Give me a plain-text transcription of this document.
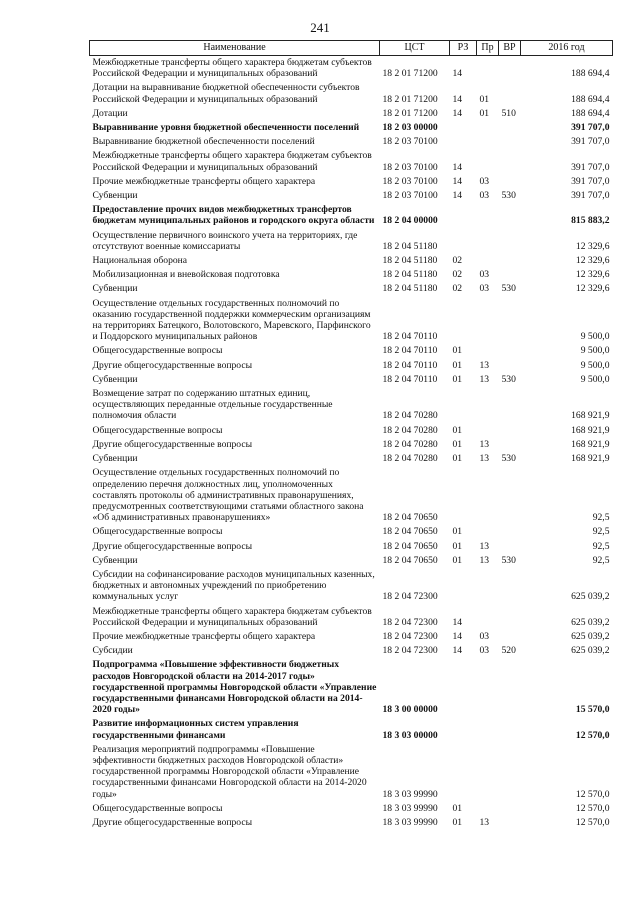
241
Наименование	ЦСТ	РЗ	Пр	ВР	2016 год
Межбюджетные трансферты общего характера бюджетам субъектов Российской Федерации и муниципальных образований	18 2 01 71200	14			188 694,4
Дотации на выравнивание бюджетной обеспеченности субъектов Российской Федерации и муниципальных образований	18 2 01 71200	14	01		188 694,4
Дотации	18 2 01 71200	14	01	510	188 694,4
Выравнивание уровня бюджетной обеспеченности поселений	18 2 03 00000				391 707,0
Выравнивание бюджетной обеспеченности поселений	18 2 03 70100				391 707,0
Межбюджетные трансферты общего характера бюджетам субъектов Российской Федерации и муниципальных образований	18 2 03 70100	14			391 707,0
Прочие межбюджетные трансферты общего характера	18 2 03 70100	14	03		391 707,0
Субвенции	18 2 03 70100	14	03	530	391 707,0
Предоставление прочих видов межбюджетных трансфертов бюджетам муниципальных районов и городского округа области	18 2 04 00000				815 883,2
Осуществление первичного воинского учета на территориях, где отсутствуют военные комиссариаты	18 2 04 51180				12 329,6
Национальная оборона	18 2 04 51180	02			12 329,6
Мобилизационная и вневойсковая подготовка	18 2 04 51180	02	03		12 329,6
Субвенции	18 2 04 51180	02	03	530	12 329,6
Осуществление отдельных государственных полномочий по оказанию государственной поддержки коммерческим организациям на территориях Батецкого, Волотовского, Маревского, Парфинского и Поддорского муниципальных районов	18 2 04 70110				9 500,0
Общегосударственные вопросы	18 2 04 70110	01			9 500,0
Другие общегосударственные вопросы	18 2 04 70110	01	13		9 500,0
Субвенции	18 2 04 70110	01	13	530	9 500,0
Возмещение затрат по содержанию штатных единиц, осуществляющих переданные отдельные государственные полномочия области	18 2 04 70280				168 921,9
Общегосударственные вопросы	18 2 04 70280	01			168 921,9
Другие общегосударственные вопросы	18 2 04 70280	01	13		168 921,9
Субвенции	18 2 04 70280	01	13	530	168 921,9
Осуществление отдельных государственных полномочий по определению перечня должностных лиц, уполномоченных составлять протоколы об административных правонарушениях, предусмотренных соответствующими статьями областного закона «Об административных правонарушениях»	18 2 04 70650				92,5
Общегосударственные вопросы	18 2 04 70650	01			92,5
Другие общегосударственные вопросы	18 2 04 70650	01	13		92,5
Субвенции	18 2 04 70650	01	13	530	92,5
Субсидии на софинансирование расходов муниципальных казенных, бюджетных и автономных учреждений по приобретению коммунальных услуг	18 2 04 72300				625 039,2
Межбюджетные трансферты общего характера бюджетам субъектов Российской Федерации и муниципальных образований	18 2 04 72300	14			625 039,2
Прочие межбюджетные трансферты общего характера	18 2 04 72300	14	03		625 039,2
Субсидии	18 2 04 72300	14	03	520	625 039,2
Подпрограмма «Повышение эффективности бюджетных расходов Новгородской области на 2014-2017 годы» государственной программы Новгородской области «Управление государственными финансами Новгородской области на 2014-2020 годы»	18 3 00 00000				15 570,0
Развитие информационных систем управления государственными финансами	18 3 03 00000				12 570,0
Реализация мероприятий подпрограммы «Повышение эффективности бюджетных расходов Новгородской области» государственной программы Новгородской области «Управление государственными финансами Новгородской области на 2014-2020 годы»	18 3 03 99990				12 570,0
Общегосударственные вопросы	18 3 03 99990	01			12 570,0
Другие общегосударственные вопросы	18 3 03 99990	01	13		12 570,0
